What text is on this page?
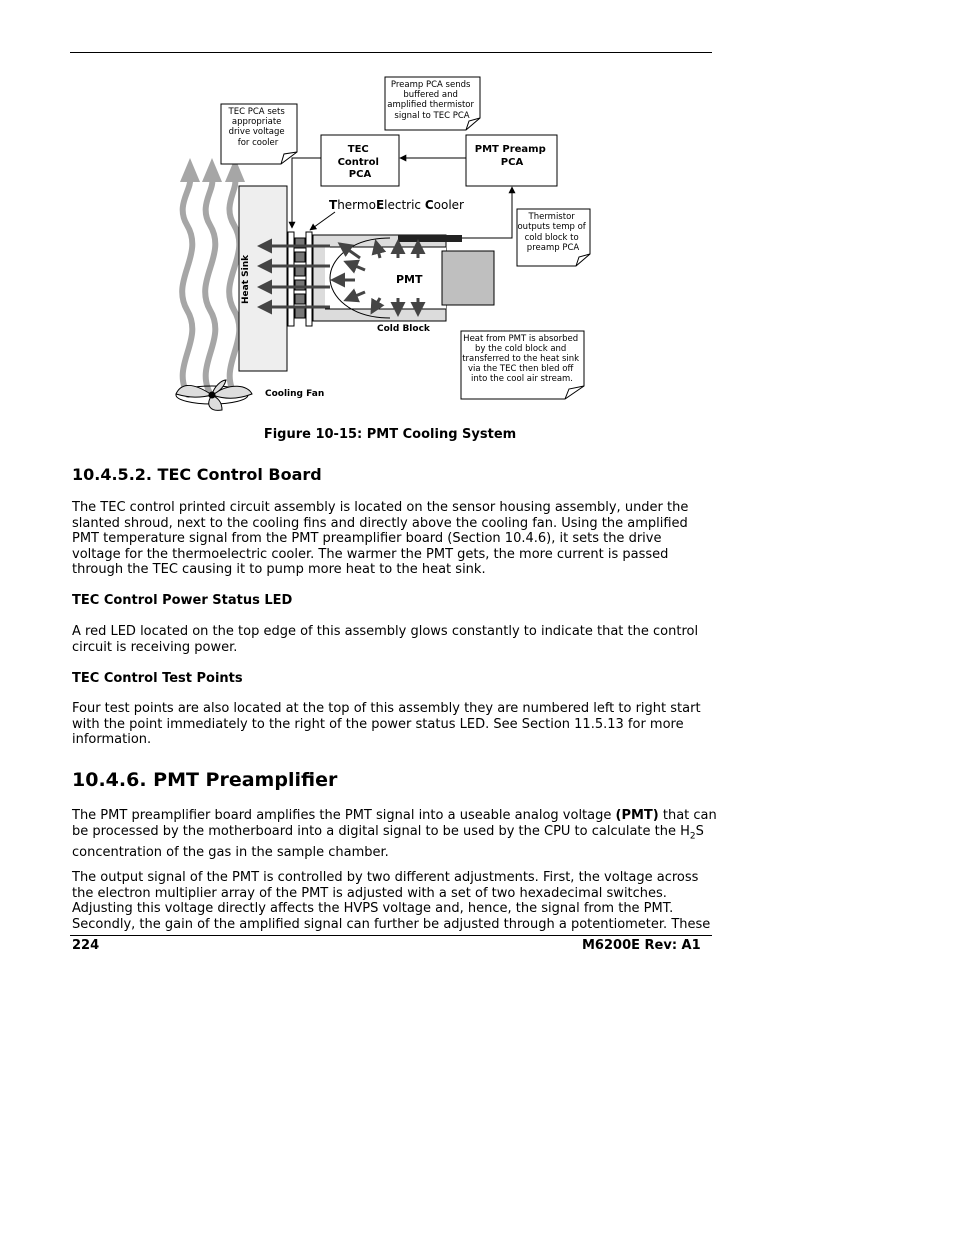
Heat Sink	PMT
TEC Control PCA
PMT Preamp PCA
ThermoElectric Cooler
Cold Block
TEC PCA sets appropriate drive voltage for cooler
Preamp PCA sends buffered and amplified thermistor signal to TEC PCA
Thermistor outputs temp of cold block to preamp PCA
Heat from PMT is absorbed by the cold block and transferred to the heat sink via the TEC then bled off into the cool air stream.
Cooling Fan
Figure 10-15: PMT Cooling System
10.4.5.2. TEC Control Board

The TEC control printed circuit assembly is located on the sensor housing assembly, under the
slanted shroud, next to the cooling fins and directly above the cooling fan. Using the amplified
PMT temperature signal from the PMT preamplifier board (Section 10.4.6), it sets the drive
voltage for the thermoelectric cooler. The warmer the PMT gets, the more current is passed
through the TEC causing it to pump more heat to the heat sink.

TEC Control Power Status LED

A red LED located on the top edge of this assembly glows constantly to indicate that the control
circuit is receiving power.

TEC Control Test Points

Four test points are also located at the top of this assembly they are numbered left to right start
with the point immediately to the right of the power status LED. See Section 11.5.13 for more
information.

10.4.6. PMT Preamplifier

The PMT preamplifier board amplifies the PMT signal into a useable analog voltage (PMT) that can
be processed by the motherboard into a digital signal to be used by the CPU to calculate the $H_2S$
concentration of the gas in the sample chamber.

The output signal of the PMT is controlled by two different adjustments. First, the voltage across
the electron multiplier array of the PMT is adjusted with a set of two hexadecimal switches.
Adjusting this voltage directly affects the HVPS voltage and, hence, the signal from the PMT.
Secondly, the gain of the amplified signal can further be adjusted through a potentiometer. These

224	M6200E Rev: A1
